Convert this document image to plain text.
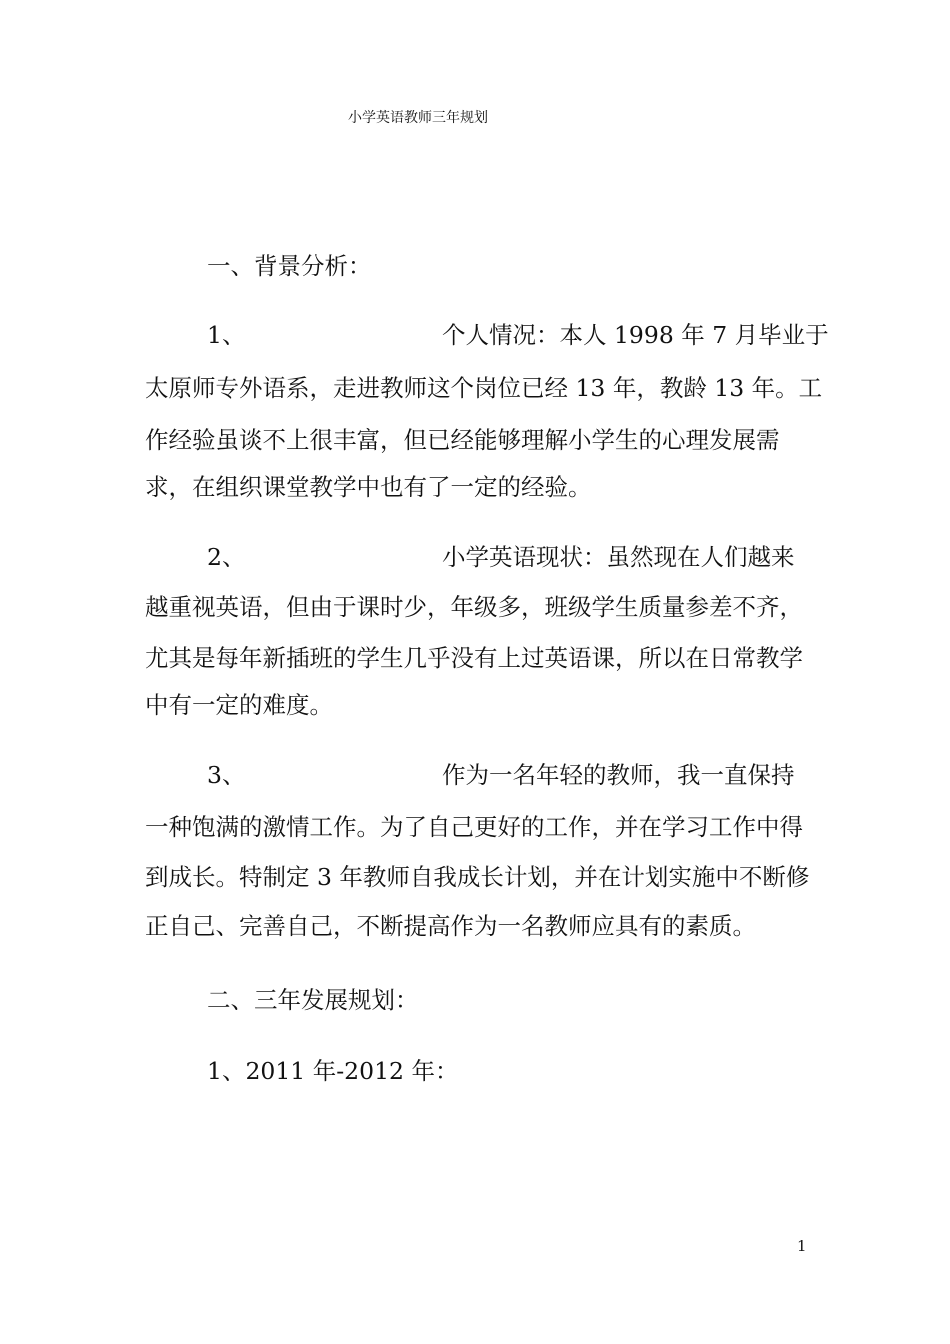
小学英语教师三年规划
一、背景分析：
1、	个人情况：本人 1998 年 7 月毕业于
太原师专外语系，走进教师这个岗位已经 13 年，教龄 13 年。工
作经验虽谈不上很丰富，但已经能够理解小学生的心理发展需
求，在组织课堂教学中也有了一定的经验。
2、	小学英语现状：虽然现在人们越来
越重视英语，但由于课时少，年级多，班级学生质量参差不齐，
尤其是每年新插班的学生几乎没有上过英语课，所以在日常教学
中有一定的难度。
3、	作为一名年轻的教师，我一直保持
一种饱满的激情工作。为了自己更好的工作，并在学习工作中得
到成长。特制定 3 年教师自我成长计划，并在计划实施中不断修
正自己、完善自己，不断提高作为一名教师应具有的素质。
二、三年发展规划：
1、2011 年-2012 年：
1
